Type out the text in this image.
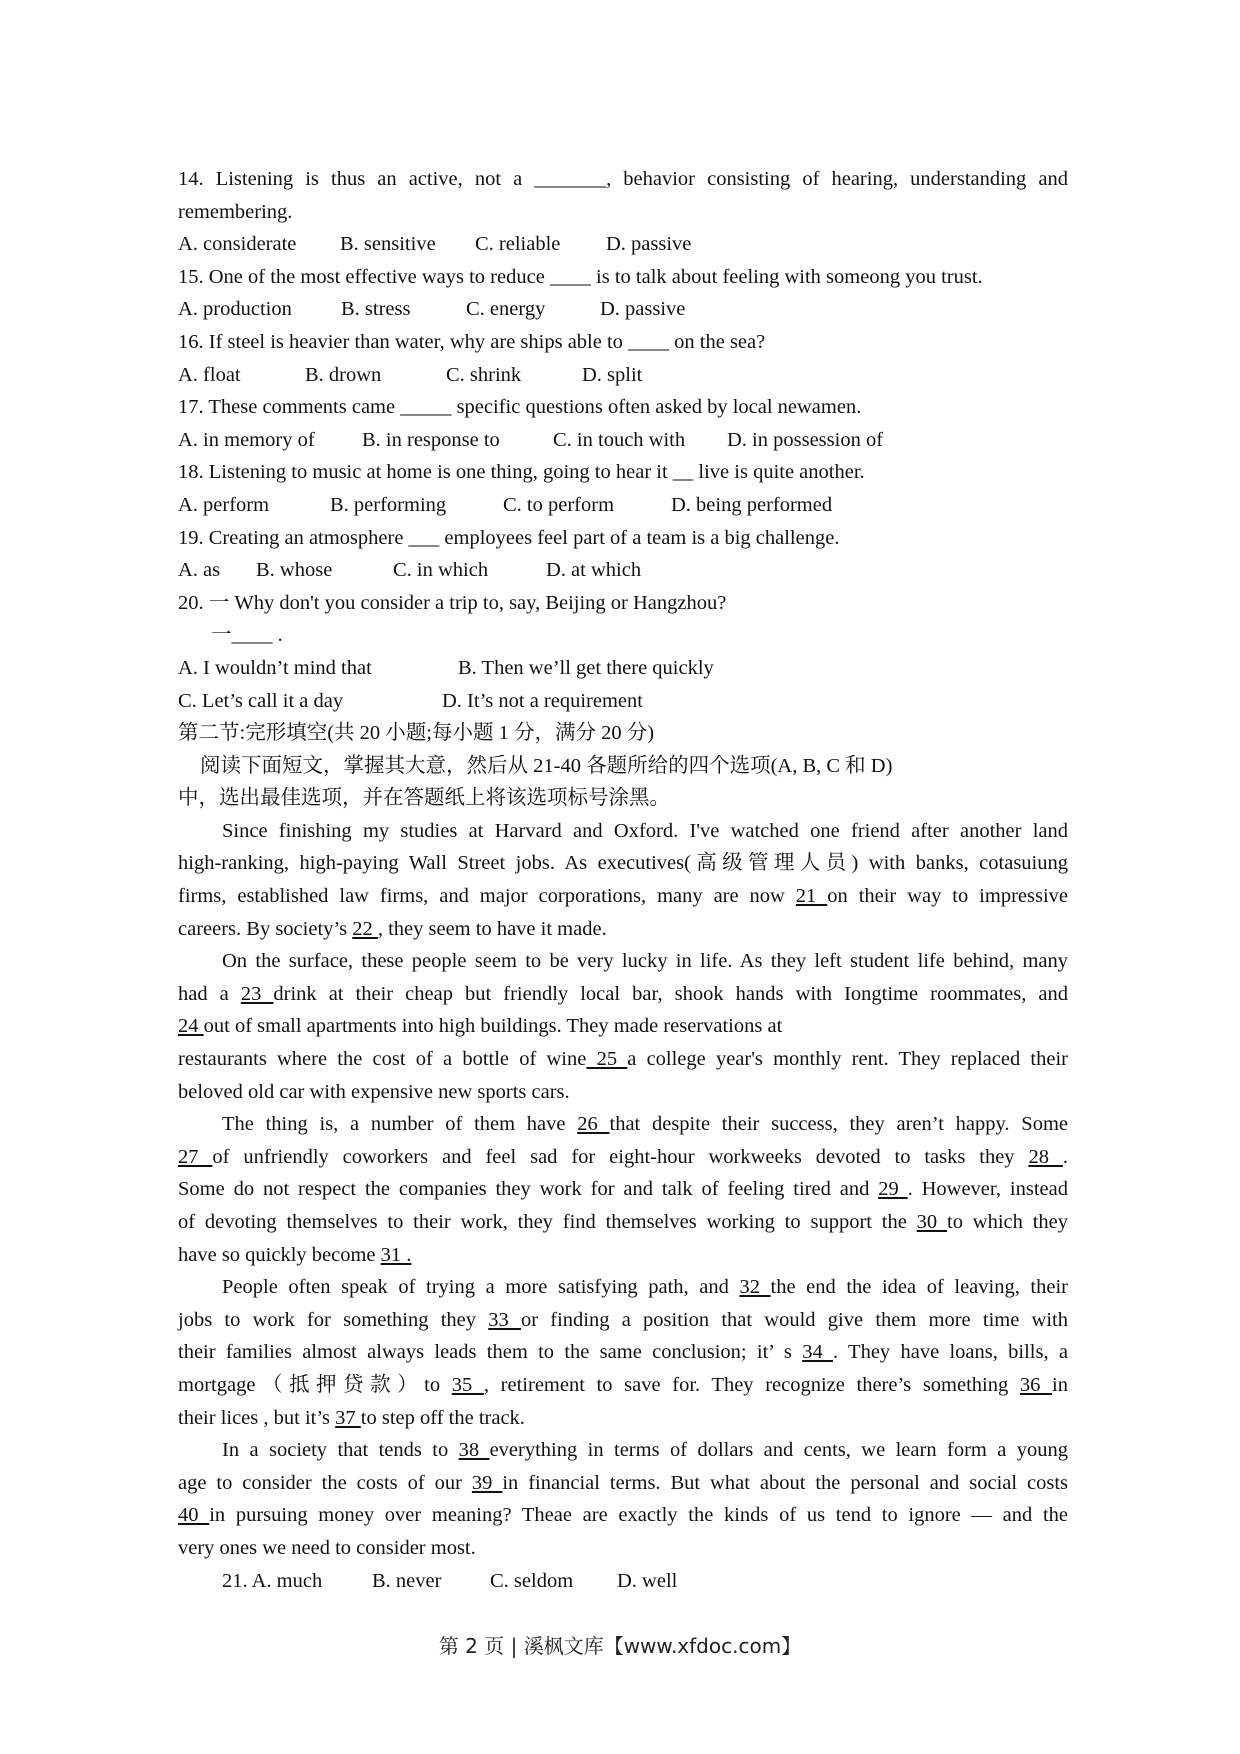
14. Listening is thus an active, not a _______, behavior consisting of hearing, understanding and
remembering.
A. considerate B. sensitive C. reliable D. passive
15. One of the most effective ways to reduce ____ is to talk about feeling with someong you trust.
A. production B. stress	C. energy	D. passive
16. If steel is heavier than water, why are ships able to ____ on the sea?
A. float	B. drown	C. shrink	D. split
17. These comments came _____ specific questions often asked by local newamen.
A. in memory of B. in response to	C. in touch with D. in possession of
18. Listening to music at home is one thing, going to hear it __ live is quite another.
A. perform	B. performing	C. to perform	D. being performed
19. Creating an atmosphere ___ employees feel part of a team is a big challenge.
A. as B. whose	C. in which	D. at which
20. 一 Why don't you consider a trip to, say, Beijing or Hangzhou?
一____ .
A. I wouldn’t mind that	B. Then we’ll get there quickly
C. Let’s call it a day	D. It’s not a requirement
第二节:完形填空(共 20 小题;每小题 1 分，满分 20 分)
阅读下面短文，掌握其大意，然后从 21-40 各题所给的四个选项(A, B, C 和 D)
中，选出最佳选项，并在答题纸上将该选项标号涂黑。
Since finishing my studies at Harvard and Oxford. I've watched one friend after another land
high-ranking, high-paying Wall Street jobs. As executives(高级管理人员) with banks, cotasuiung
firms, established law firms, and major corporations, many are now 21 on their way to impressive
careers. By society’s 22 , they seem to have it made.
On the surface, these people seem to be very lucky in life. As they left student life behind, many
had a 23 drink at their cheap but friendly local bar, shook hands with Iongtime roommates, and
24 out of small apartments into high buildings. They made reservations at
restaurants where the cost of a bottle of wine 25 a college year's monthly rent. They replaced their
beloved old car with expensive new sports cars.
The thing is, a number of them have 26 that despite their success, they aren’t happy. Some
27 of unfriendly coworkers and feel sad for eight-hour workweeks devoted to tasks they 28 .
Some do not respect the companies they work for and talk of feeling tired and 29 . However, instead
of devoting themselves to their work, they find themselves working to support the 30 to which they
have so quickly become 31 .
People often speak of trying a more satisfying path, and 32 the end the idea of leaving, their
jobs to work for something they 33 or finding a position that would give them more time with
their families almost always leads them to the same conclusion; it’ s 34 . They have loans, bills, a
mortgage（抵押贷款）to 35 , retirement to save for. They recognize there’s something 36 in
their lices , but it’s 37 to step off the track.
In a society that tends to 38 everything in terms of dollars and cents, we learn form a young
age to consider the costs of our 39 in financial terms. But what about the personal and social costs
40 in pursuing money over meaning? Theae are exactly the kinds of us tend to ignore — and the
very ones we need to consider most.
21. A. much B. never C. seldom D. well
第 2 页 | 溪枫文库【www.xfdoc.com】
